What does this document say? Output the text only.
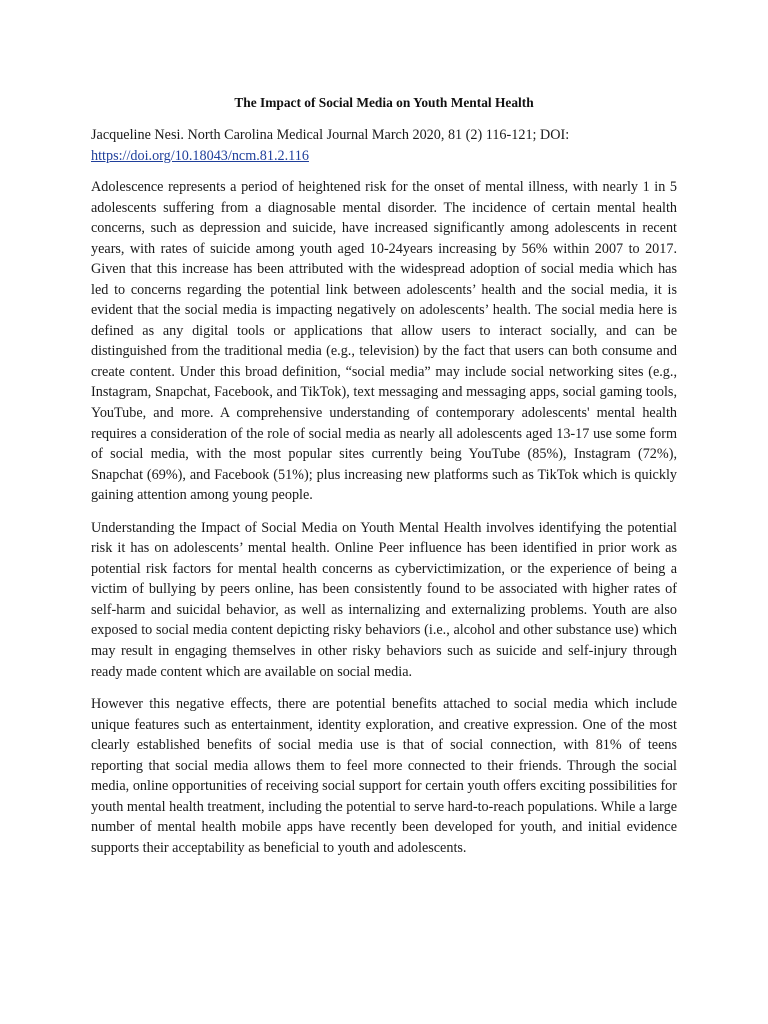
The Impact of Social Media on Youth Mental Health

Jacqueline Nesi. North Carolina Medical Journal March 2020, 81 (2) 116-121; DOI: https://doi.org/10.18043/ncm.81.2.116

Adolescence represents a period of heightened risk for the onset of mental illness, with nearly 1 in 5 adolescents suffering from a diagnosable mental disorder. The incidence of certain mental health concerns, such as depression and suicide, have increased significantly among adolescents in recent years, with rates of suicide among youth aged 10-24years increasing by 56% within 2007 to 2017. Given that this increase has been attributed with the widespread adoption of social media which has led to concerns regarding the potential link between adolescents’ health and the social media, it is evident that the social media is impacting negatively on adolescents’ health. The social media here is defined as any digital tools or applications that allow users to interact socially, and can be distinguished from the traditional media (e.g., television) by the fact that users can both consume and create content. Under this broad definition, “social media” may include social networking sites (e.g., Instagram, Snapchat, Facebook, and TikTok), text messaging and messaging apps, social gaming tools, YouTube, and more. A comprehensive understanding of contemporary adolescents' mental health requires a consideration of the role of social media as nearly all adolescents aged 13-17 use some form of social media, with the most popular sites currently being YouTube (85%), Instagram (72%), Snapchat (69%), and Facebook (51%); plus increasing new platforms such as TikTok which is quickly gaining attention among young people.

Understanding the Impact of Social Media on Youth Mental Health involves identifying the potential risk it has on adolescents’ mental health. Online Peer influence has been identified in prior work as potential risk factors for mental health concerns as cybervictimization, or the experience of being a victim of bullying by peers online, has been consistently found to be associated with higher rates of self-harm and suicidal behavior, as well as internalizing and externalizing problems. Youth are also exposed to social media content depicting risky behaviors (i.e., alcohol and other substance use) which may result in engaging themselves in other risky behaviors such as suicide and self-injury through ready made content which are available on social media.

However this negative effects, there are potential benefits attached to social media which include unique features such as entertainment, identity exploration, and creative expression. One of the most clearly established benefits of social media use is that of social connection, with 81% of teens reporting that social media allows them to feel more connected to their friends. Through the social media, online opportunities of receiving social support for certain youth offers exciting possibilities for youth mental health treatment, including the potential to serve hard-to-reach populations. While a large number of mental health mobile apps have recently been developed for youth, and initial evidence supports their acceptability as beneficial to youth and adolescents.
